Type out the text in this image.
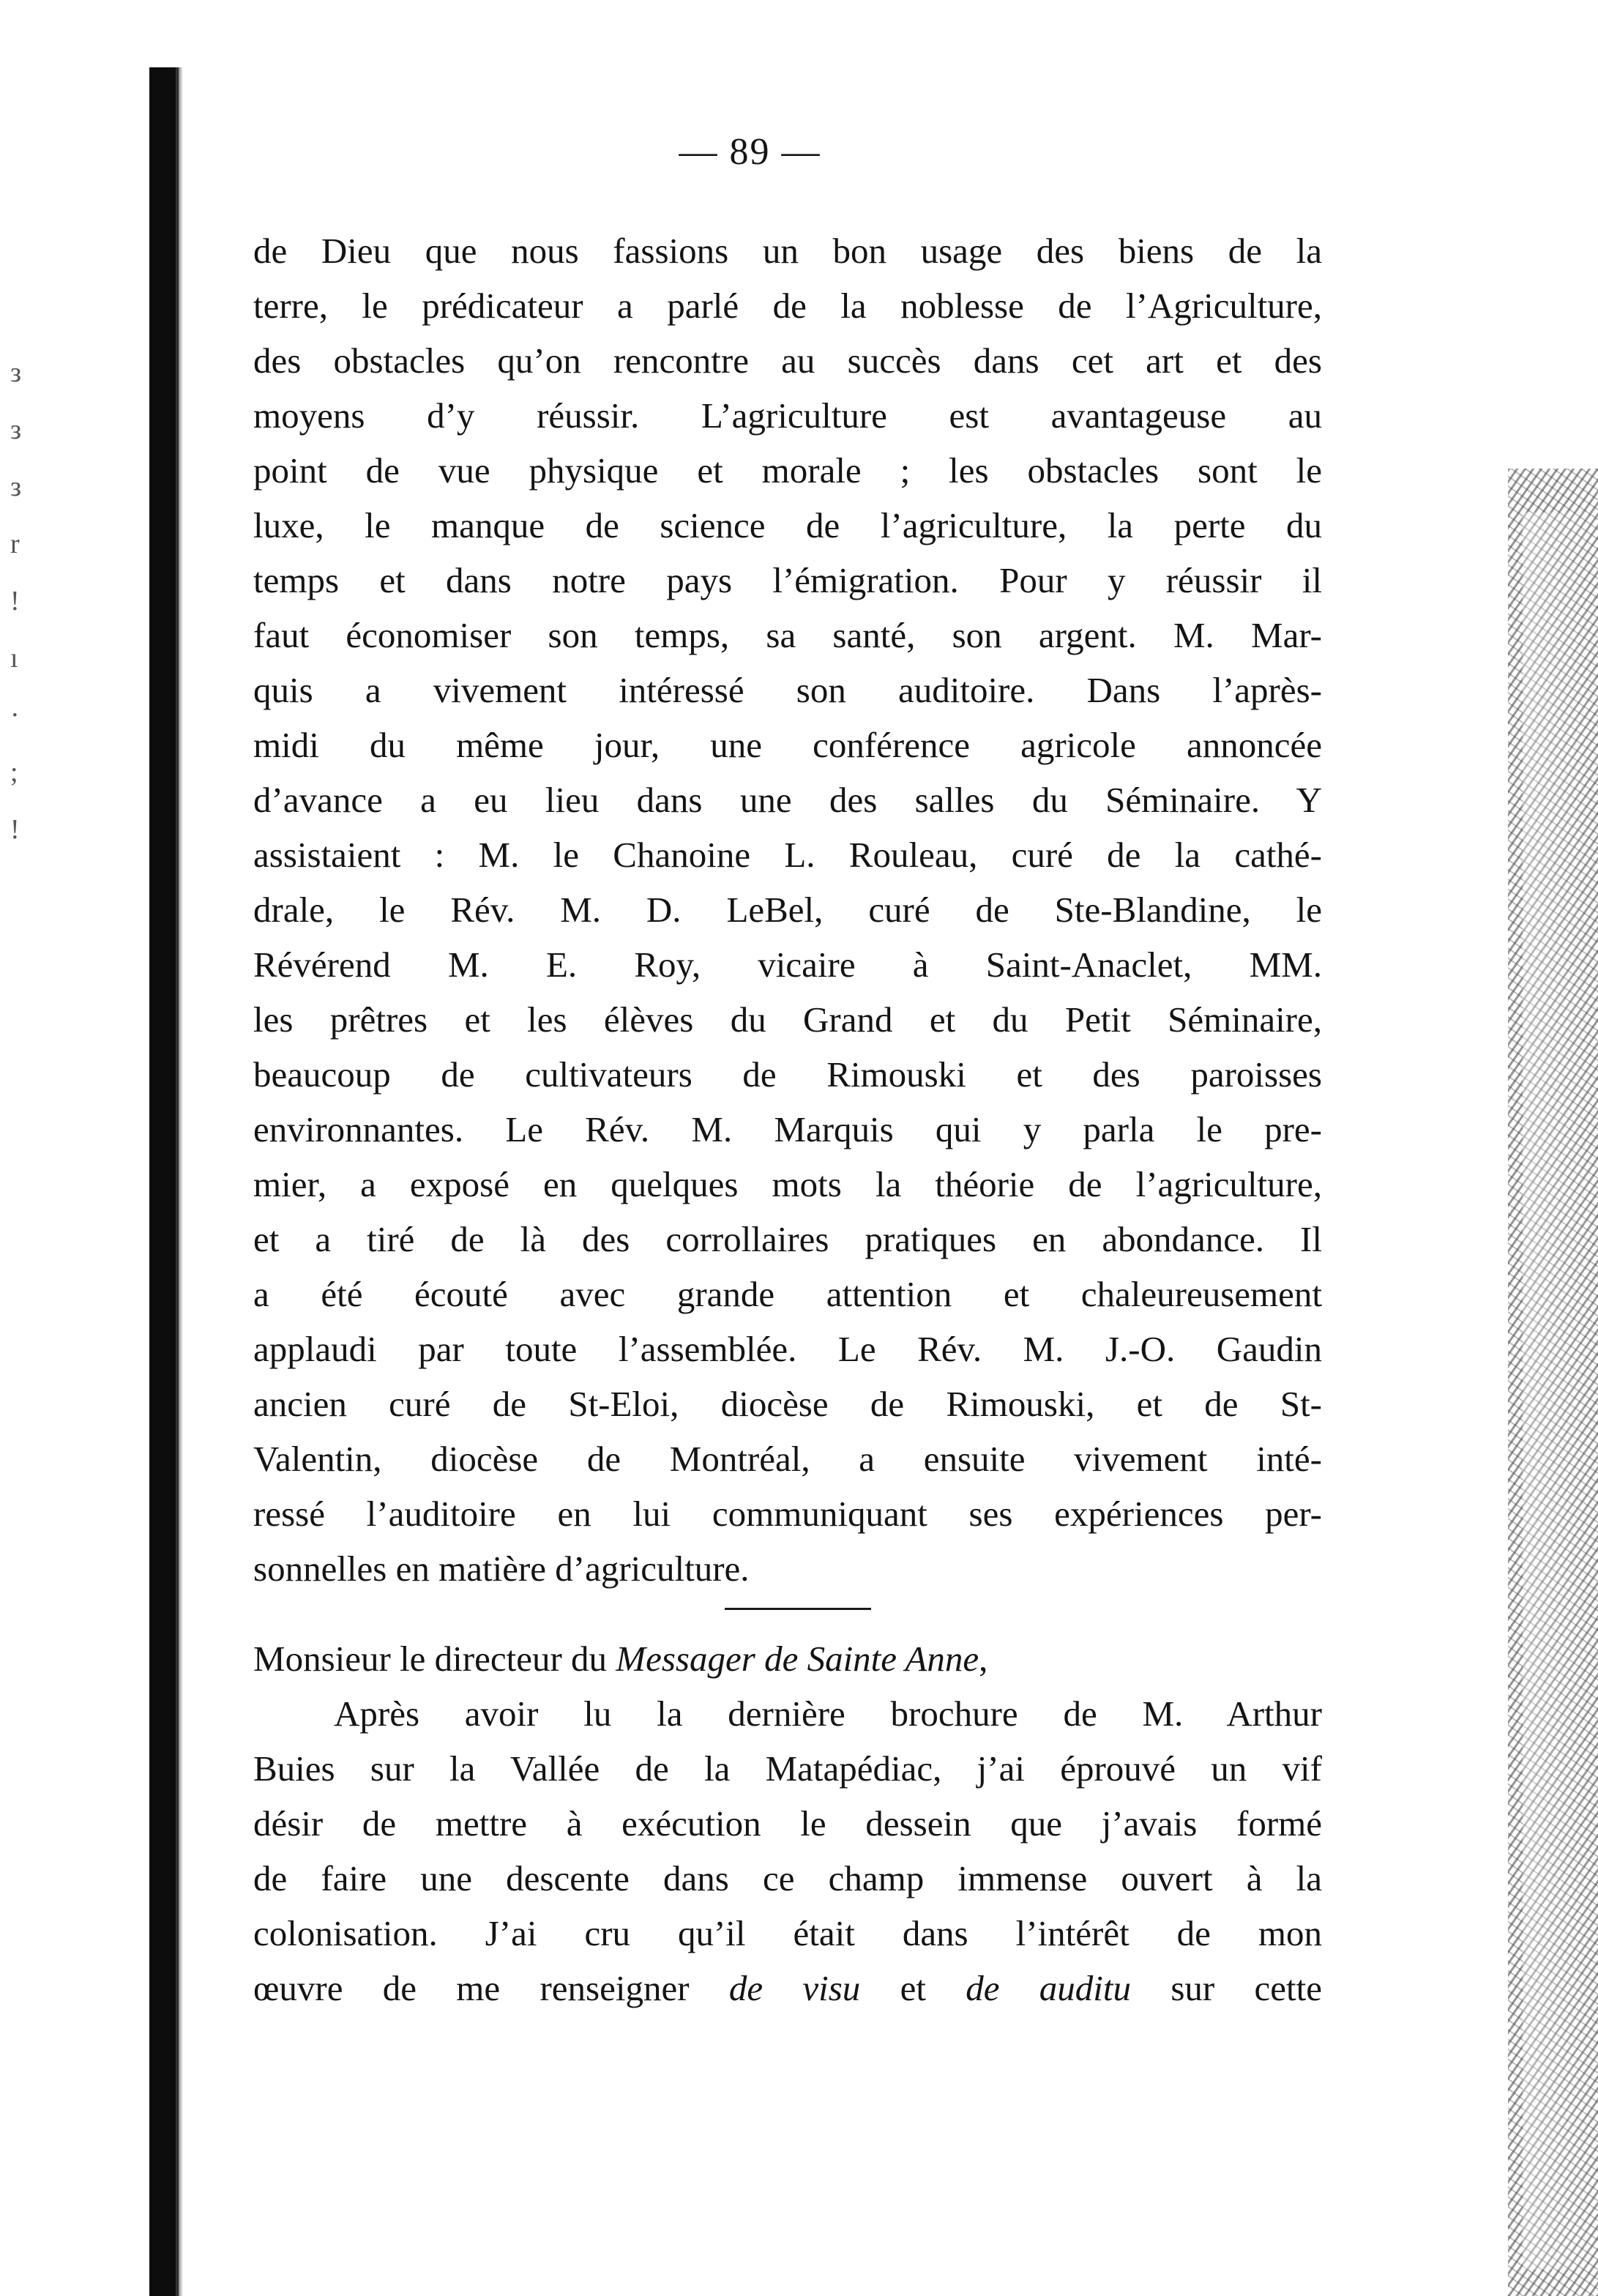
з
з
з
r
!
ı
·
;
!
— 89 —
de Dieu que nous fassions un bon usage des biens de la
terre, le prédicateur a parlé de la noblesse de l’Agriculture,
des obstacles qu’on rencontre au succès dans cet art et des
moyens d’y réussir. L’agriculture est avantageuse au
point de vue physique et morale ; les obstacles sont le
luxe, le manque de science de l’agriculture, la perte du
temps et dans notre pays l’émigration. Pour y réussir il
faut économiser son temps, sa santé, son argent. M. Mar-
quis a vivement intéressé son auditoire. Dans l’après-
midi du même jour, une conférence agricole annoncée
d’avance a eu lieu dans une des salles du Séminaire. Y
assistaient : M. le Chanoine L. Rouleau, curé de la cathé-
drale, le Rév. M. D. LeBel, curé de Ste-Blandine, le
Révérend M. E. Roy, vicaire à Saint-Anaclet, MM.
les prêtres et les élèves du Grand et du Petit Séminaire,
beaucoup de cultivateurs de Rimouski et des paroisses
environnantes. Le Rév. M. Marquis qui y parla le pre-
mier, a exposé en quelques mots la théorie de l’agriculture,
et a tiré de là des corrollaires pratiques en abondance. Il
a été écouté avec grande attention et chaleureusement
applaudi par toute l’assemblée. Le Rév. M. J.-O. Gaudin
ancien curé de St-Eloi, diocèse de Rimouski, et de St-
Valentin, diocèse de Montréal, a ensuite vivement inté-
ressé l’auditoire en lui communiquant ses expériences per-
sonnelles en matière d’agriculture.
Monsieur le directeur du Messager de Sainte Anne,
Après avoir lu la dernière brochure de M. Arthur
Buies sur la Vallée de la Matapédiac, j’ai éprouvé un vif
désir de mettre à exécution le dessein que j’avais formé
de faire une descente dans ce champ immense ouvert à la
colonisation. J’ai cru qu’il était dans l’intérêt de mon
œuvre de me renseigner de visu et de auditu sur cette
